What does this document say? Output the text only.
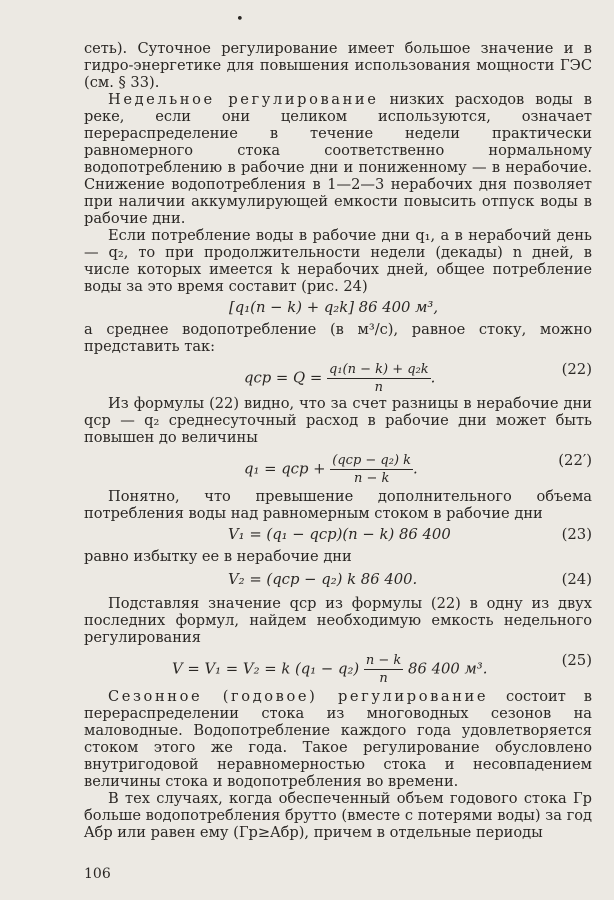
•

сеть). Суточное регулирование имеет большое значение и в гидро-энергетике для повышения использования мощности ГЭС (см. § 33).

Недельное регулирование низких расходов воды в реке, если они целиком используются, означает перераспределение в течение недели практически равномерного стока соответственно нормальному водопотреблению в рабочие дни и пониженному — в нерабочие. Снижение водопотребления в 1—2—3 нерабочих дня позволяет при наличии аккумулирующей емкости повысить отпуск воды в рабочие дни.

Если потребление воды в рабочие дни q₁, а в нерабочий день — q₂, то при продолжительности недели (декады) n дней, в числе которых имеется k нерабочих дней, общее потребление воды за это время составит (рис. 24)

[q₁(n − k) + q₂k] 86 400 м³,

а среднее водопотребление (в м³/с), равное стоку, можно представить так:

qср = $Q = \frac{\text{q₁(n − k) + q₂k}}{n}$ .	(22)

Из формулы (22) видно, что за счет разницы в нерабочие дни qср — q₂ среднесуточный расход в рабочие дни может быть повышен до величины

q₁ = qср + $\frac{\text{(qср − q₂) k}}{n - k}$ .	(22′)

Понятно, что превышение дополнительного объема потребления воды над равномерным стоком в рабочие дни

V₁ = (q₁ − qср)(n − k) 86 400	(23)

равно избытку ее в нерабочие дни

V₂ = (qср − q₂) k 86 400.	(24)

Подставляя значение qср из формулы (22) в одну из двух последних формул, найдем необходимую емкость недельного регулирования

V = V₁ = V₂ = k $(q_1 - q_2) \frac{n - k}{n} 86$ 400 м³.	(25)

Сезонное (годовое) регулирование состоит в перераспределении стока из многоводных сезонов на маловодные. Водопотребление каждого года удовлетворяется стоком этого же года. Такое регулирование обусловлено внутригодовой неравномерностью стока и несовпадением величины стока и водопотребления во времени.

В тех случаях, когда обеспеченный объем годового стока Гр больше водопотребления брутто (вместе с потерями воды) за год Aбр или равен ему (Гр≥Aбр), причем в отдельные периоды

106
